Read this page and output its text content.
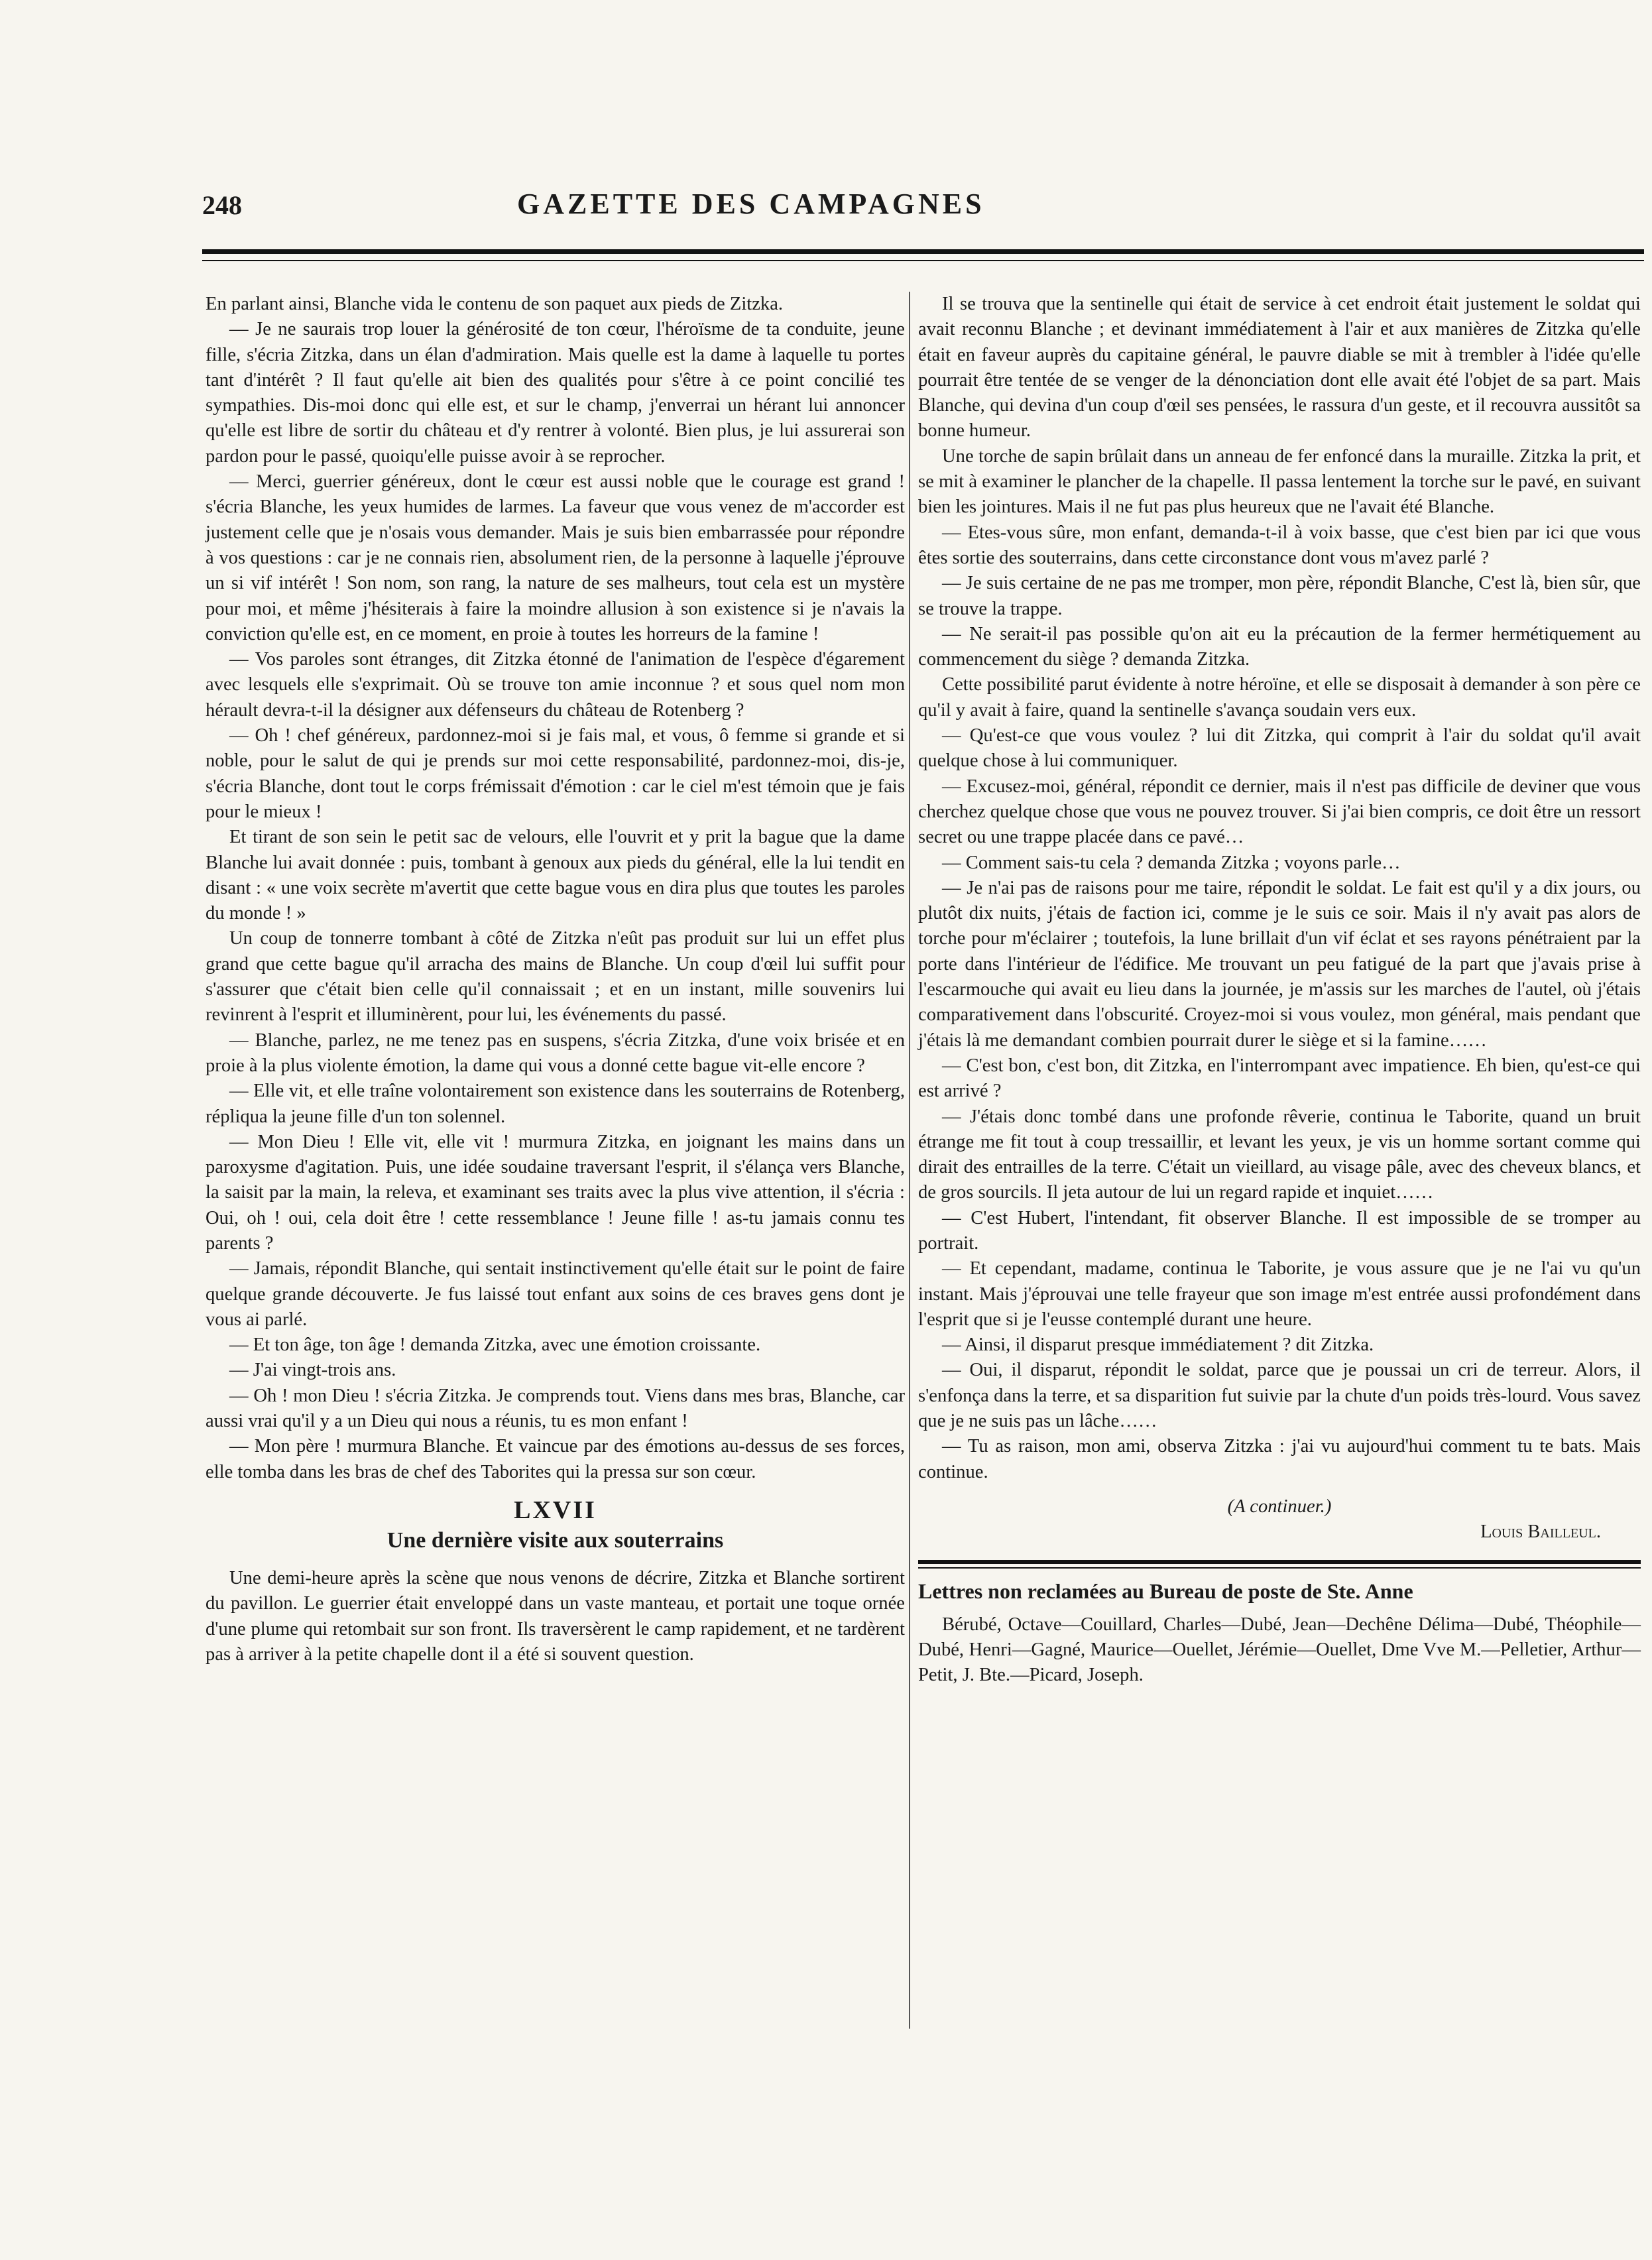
248	GAZETTE DES CAMPAGNES

En parlant ainsi, Blanche vida le contenu de son paquet aux pieds de Zitzka.

— Je ne saurais trop louer la générosité de ton cœur, l'héroïsme de ta conduite, jeune fille, s'écria Zitzka, dans un élan d'admiration. Mais quelle est la dame à laquelle tu portes tant d'intérêt ? Il faut qu'elle ait bien des qualités pour s'être à ce point concilié tes sympathies. Dis-moi donc qui elle est, et sur le champ, j'enverrai un hérant lui annoncer qu'elle est libre de sortir du château et d'y rentrer à volonté. Bien plus, je lui assurerai son pardon pour le passé, quoiqu'elle puisse avoir à se reprocher.

— Merci, guerrier généreux, dont le cœur est aussi noble que le courage est grand ! s'écria Blanche, les yeux humides de larmes. La faveur que vous venez de m'accorder est justement celle que je n'osais vous demander. Mais je suis bien embarrassée pour répondre à vos questions : car je ne connais rien, absolument rien, de la personne à laquelle j'éprouve un si vif intérêt ! Son nom, son rang, la nature de ses malheurs, tout cela est un mystère pour moi, et même j'hésiterais à faire la moindre allusion à son existence si je n'avais la conviction qu'elle est, en ce moment, en proie à toutes les horreurs de la famine !

— Vos paroles sont étranges, dit Zitzka étonné de l'animation de l'espèce d'égarement avec lesquels elle s'exprimait. Où se trouve ton amie inconnue ? et sous quel nom mon hérault devra-t-il la désigner aux défenseurs du château de Rotenberg ?

— Oh ! chef généreux, pardonnez-moi si je fais mal, et vous, ô femme si grande et si noble, pour le salut de qui je prends sur moi cette responsabilité, pardonnez-moi, dis-je, s'écria Blanche, dont tout le corps frémissait d'émotion : car le ciel m'est témoin que je fais pour le mieux !

Et tirant de son sein le petit sac de velours, elle l'ouvrit et y prit la bague que la dame Blanche lui avait donnée : puis, tombant à genoux aux pieds du général, elle la lui tendit en disant : « une voix secrète m'avertit que cette bague vous en dira plus que toutes les paroles du monde ! »

Un coup de tonnerre tombant à côté de Zitzka n'eût pas produit sur lui un effet plus grand que cette bague qu'il arracha des mains de Blanche. Un coup d'œil lui suffit pour s'assurer que c'était bien celle qu'il connaissait ; et en un instant, mille souvenirs lui revinrent à l'esprit et illuminèrent, pour lui, les événements du passé.

— Blanche, parlez, ne me tenez pas en suspens, s'écria Zitzka, d'une voix brisée et en proie à la plus violente émotion, la dame qui vous a donné cette bague vit-elle encore ?

— Elle vit, et elle traîne volontairement son existence dans les souterrains de Rotenberg, répliqua la jeune fille d'un ton solennel.

— Mon Dieu ! Elle vit, elle vit ! murmura Zitzka, en joignant les mains dans un paroxysme d'agitation. Puis, une idée soudaine traversant l'esprit, il s'élança vers Blanche, la saisit par la main, la releva, et examinant ses traits avec la plus vive attention, il s'écria : Oui, oh ! oui, cela doit être ! cette ressemblance ! Jeune fille ! as-tu jamais connu tes parents ?

— Jamais, répondit Blanche, qui sentait instinctivement qu'elle était sur le point de faire quelque grande découverte. Je fus laissé tout enfant aux soins de ces braves gens dont je vous ai parlé.

— Et ton âge, ton âge ! demanda Zitzka, avec une émotion croissante.

— J'ai vingt-trois ans.

— Oh ! mon Dieu ! s'écria Zitzka. Je comprends tout. Viens dans mes bras, Blanche, car aussi vrai qu'il y a un Dieu qui nous a réunis, tu es mon enfant !

— Mon père ! murmura Blanche. Et vaincue par des émotions au-dessus de ses forces, elle tomba dans les bras de chef des Taborites qui la pressa sur son cœur.

LXVII
Une dernière visite aux souterrains

Une demi-heure après la scène que nous venons de décrire, Zitzka et Blanche sortirent du pavillon. Le guerrier était enveloppé dans un vaste manteau, et portait une toque ornée d'une plume qui retombait sur son front. Ils traversèrent le camp rapidement, et ne tardèrent pas à arriver à la petite chapelle dont il a été si souvent question.

Il se trouva que la sentinelle qui était de service à cet endroit était justement le soldat qui avait reconnu Blanche ; et devinant immédiatement à l'air et aux manières de Zitzka qu'elle était en faveur auprès du capitaine général, le pauvre diable se mit à trembler à l'idée qu'elle pourrait être tentée de se venger de la dénonciation dont elle avait été l'objet de sa part. Mais Blanche, qui devina d'un coup d'œil ses pensées, le rassura d'un geste, et il recouvra aussitôt sa bonne humeur.

Une torche de sapin brûlait dans un anneau de fer enfoncé dans la muraille. Zitzka la prit, et se mit à examiner le plancher de la chapelle. Il passa lentement la torche sur le pavé, en suivant bien les jointures. Mais il ne fut pas plus heureux que ne l'avait été Blanche.

— Etes-vous sûre, mon enfant, demanda-t-il à voix basse, que c'est bien par ici que vous êtes sortie des souterrains, dans cette circonstance dont vous m'avez parlé ?

— Je suis certaine de ne pas me tromper, mon père, répondit Blanche, C'est là, bien sûr, que se trouve la trappe.

— Ne serait-il pas possible qu'on ait eu la précaution de la fermer hermétiquement au commencement du siège ? demanda Zitzka.

Cette possibilité parut évidente à notre héroïne, et elle se disposait à demander à son père ce qu'il y avait à faire, quand la sentinelle s'avança soudain vers eux.

— Qu'est-ce que vous voulez ? lui dit Zitzka, qui comprit à l'air du soldat qu'il avait quelque chose à lui communiquer.

— Excusez-moi, général, répondit ce dernier, mais il n'est pas difficile de deviner que vous cherchez quelque chose que vous ne pouvez trouver. Si j'ai bien compris, ce doit être un ressort secret ou une trappe placée dans ce pavé…

— Comment sais-tu cela ? demanda Zitzka ; voyons parle…

— Je n'ai pas de raisons pour me taire, répondit le soldat. Le fait est qu'il y a dix jours, ou plutôt dix nuits, j'étais de faction ici, comme je le suis ce soir. Mais il n'y avait pas alors de torche pour m'éclairer ; toutefois, la lune brillait d'un vif éclat et ses rayons pénétraient par la porte dans l'intérieur de l'édifice. Me trouvant un peu fatigué de la part que j'avais prise à l'escarmouche qui avait eu lieu dans la journée, je m'assis sur les marches de l'autel, où j'étais comparativement dans l'obscurité. Croyez-moi si vous voulez, mon général, mais pendant que j'étais là me demandant combien pourrait durer le siège et si la famine……

— C'est bon, c'est bon, dit Zitzka, en l'interrompant avec impatience. Eh bien, qu'est-ce qui est arrivé ?

— J'étais donc tombé dans une profonde rêverie, continua le Taborite, quand un bruit étrange me fit tout à coup tressaillir, et levant les yeux, je vis un homme sortant comme qui dirait des entrailles de la terre. C'était un vieillard, au visage pâle, avec des cheveux blancs, et de gros sourcils. Il jeta autour de lui un regard rapide et inquiet……

— C'est Hubert, l'intendant, fit observer Blanche. Il est impossible de se tromper au portrait.

— Et cependant, madame, continua le Taborite, je vous assure que je ne l'ai vu qu'un instant. Mais j'éprouvai une telle frayeur que son image m'est entrée aussi profondément dans l'esprit que si je l'eusse contemplé durant une heure.

— Ainsi, il disparut presque immédiatement ? dit Zitzka.

— Oui, il disparut, répondit le soldat, parce que je poussai un cri de terreur. Alors, il s'enfonça dans la terre, et sa disparition fut suivie par la chute d'un poids très-lourd. Vous savez que je ne suis pas un lâche……

— Tu as raison, mon ami, observa Zitzka : j'ai vu aujourd'hui comment tu te bats. Mais continue.

(A continuer.)
Louis Bailleul.
Lettres non reclamées au Bureau de poste de Ste. Anne

Bérubé, Octave—Couillard, Charles—Dubé, Jean—Dechêne Délima—Dubé, Théophile—Dubé, Henri—Gagné, Maurice—Ouellet, Jérémie—Ouellet, Dme Vve M.—Pelletier, Arthur—Petit, J. Bte.—Picard, Joseph.
